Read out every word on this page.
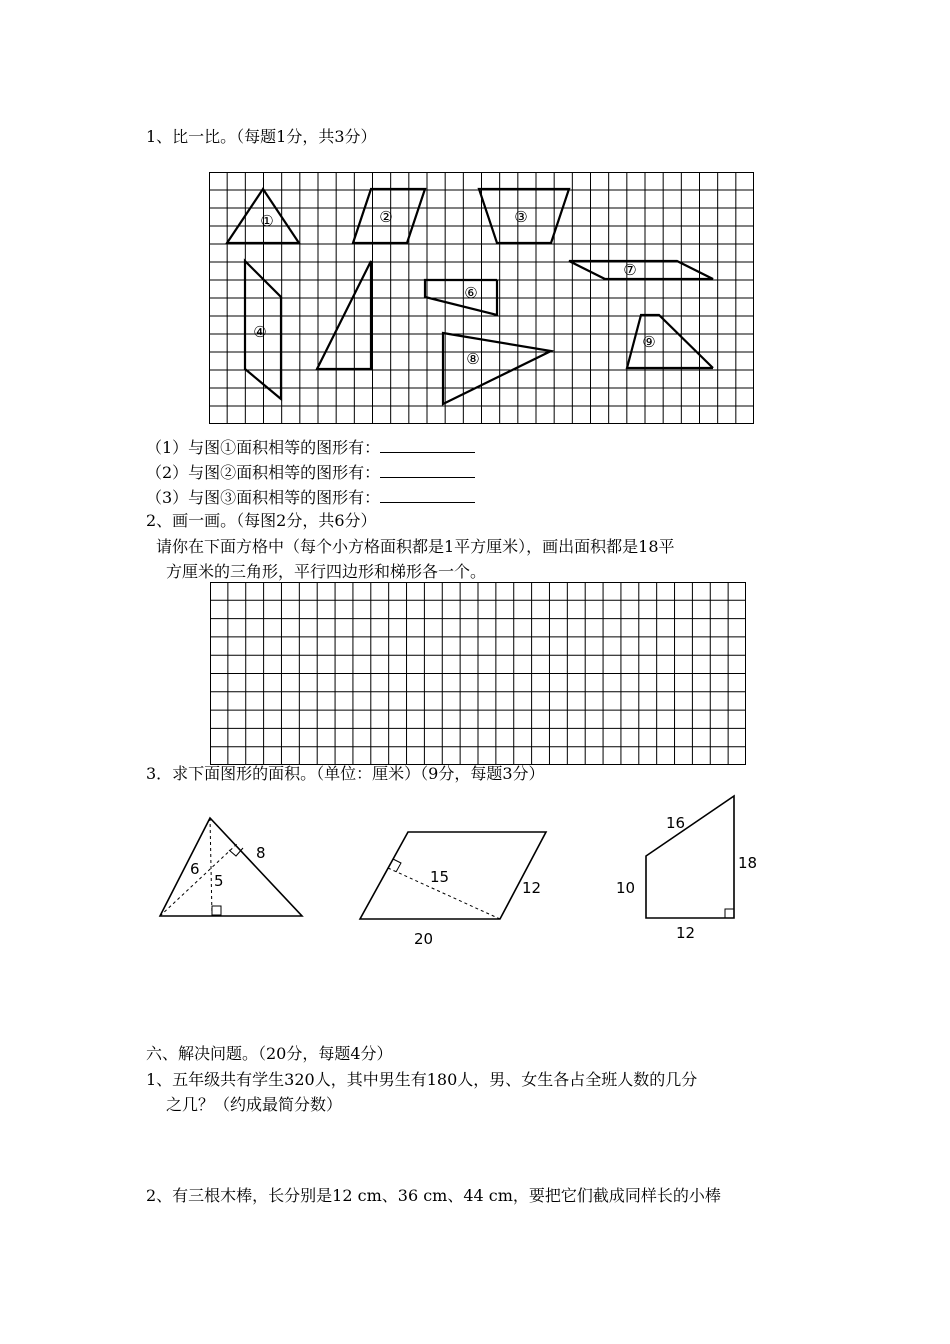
1、比一比。（每题1分，共3分）
①	②	③
④
⑥
⑦
⑧
⑨
（1）与图①面积相等的图形有：
（2）与图②面积相等的图形有：
（3）与图③面积相等的图形有：
2、画一画。（每图2分，共6分）
请你在下面方格中（每个小方格面积都是1平方厘米），画出面积都是18平
方厘米的三角形，平行四边形和梯形各一个。
3．求下面图形的面积。（单位：厘米）（9分，每题3分）
6
8
5	15
12
20
16
18
10
12
六、解决问题。（20分，每题4分）
1、五年级共有学生320人，其中男生有180人，男、女生各占全班人数的几分
之几？（约成最简分数）
2、有三根木棒，长分别是12 cm、36 cm、44 cm，要把它们截成同样长的小棒
